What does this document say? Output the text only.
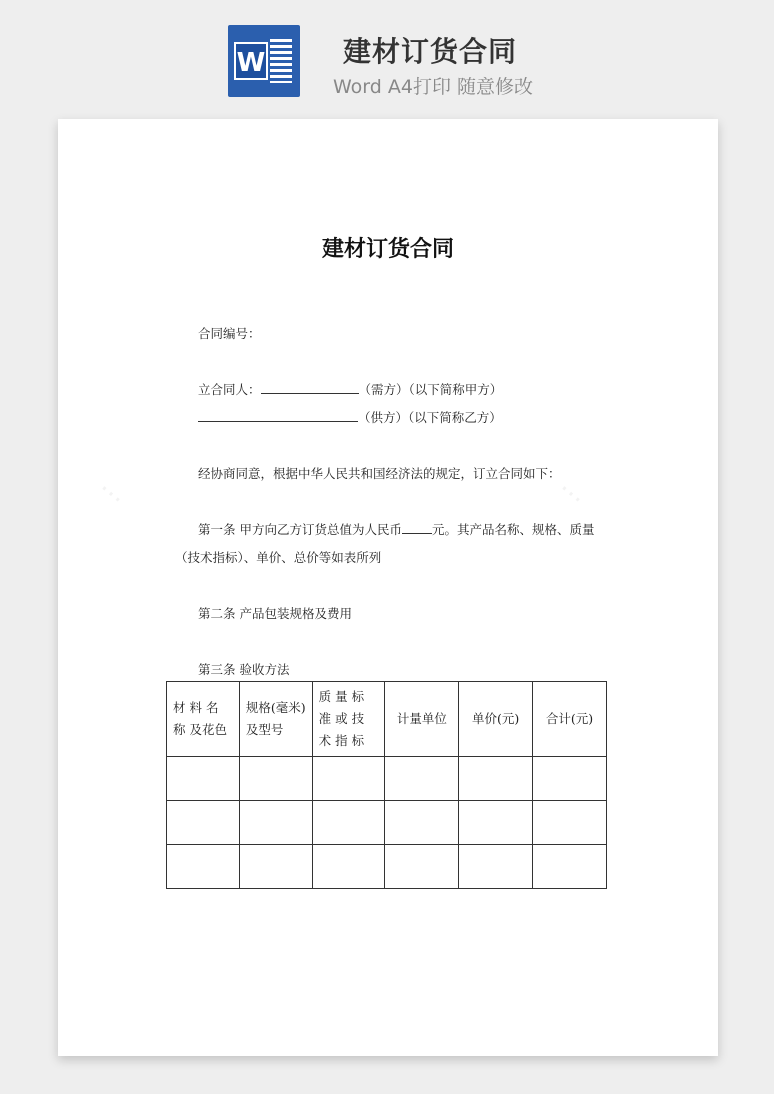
W	建材订货合同
Word A4打印 随意修改
⋯	⋯
建材订货合同
合同编号：
立合同人：	（需方）（以下简称甲方）
（供方）（以下简称乙方）
经协商同意，根据中华人民共和国经济法的规定，订立合同如下：
第一条 甲方向乙方订货总值为人民币 元。其产品名称、规格、质量
（技术指标）、单价、总价等如表所列
第二条 产品包装规格及费用
第三条 验收方法
材 料 名 称 及花色	规格(毫米)及型号	质 量 标 准 或 技 术 指 标	计量单位	单价(元)	合计(元)
